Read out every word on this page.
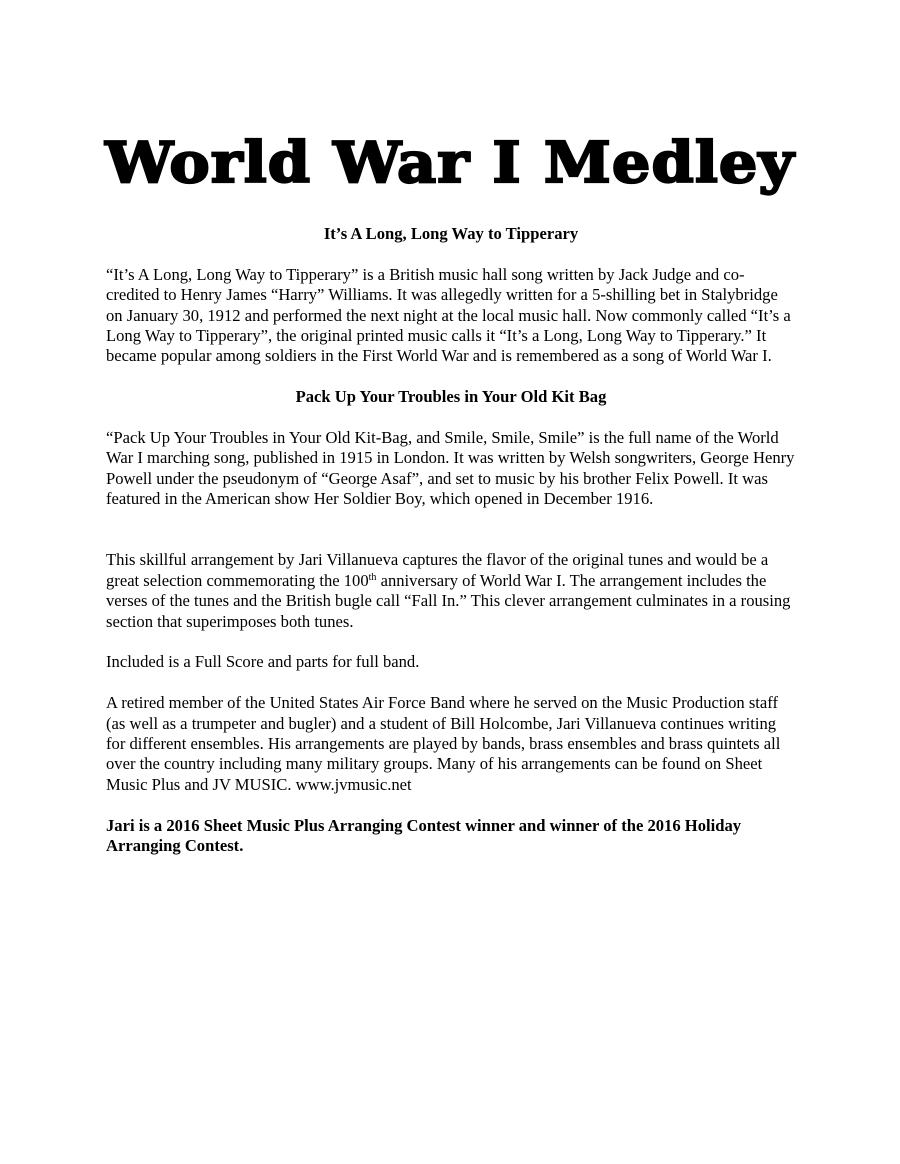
World War I Medley

It’s A Long, Long Way to Tipperary

“It’s A Long, Long Way to Tipperary” is a British music hall song written by Jack Judge and co-credited to Henry James “Harry” Williams. It was allegedly written for a 5-shilling bet in Stalybridge on January 30, 1912 and performed the next night at the local music hall. Now commonly called “It’s a Long Way to Tipperary”, the original printed music calls it “It’s a Long, Long Way to Tipperary.” It became popular among soldiers in the First World War and is remembered as a song of World War I.

Pack Up Your Troubles in Your Old Kit Bag

“Pack Up Your Troubles in Your Old Kit-Bag, and Smile, Smile, Smile” is the full name of the World War I marching song, published in 1915 in London. It was written by Welsh songwriters, George Henry Powell under the pseudonym of “George Asaf”, and set to music by his brother Felix Powell. It was featured in the American show Her Soldier Boy, which opened in December 1916.

This skillful arrangement by Jari Villanueva captures the flavor of the original tunes and would be a great selection commemorating the 100th anniversary of World War I. The arrangement includes the verses of the tunes and the British bugle call “Fall In.” This clever arrangement culminates in a rousing section that superimposes both tunes.

Included is a Full Score and parts for full band.

A retired member of the United States Air Force Band where he served on the Music Production staff (as well as a trumpeter and bugler) and a student of Bill Holcombe, Jari Villanueva continues writing for different ensembles. His arrangements are played by bands, brass ensembles and brass quintets all over the country including many military groups. Many of his arrangements can be found on Sheet Music Plus and JV MUSIC. www.jvmusic.net

Jari is a 2016 Sheet Music Plus Arranging Contest winner and winner of the 2016 Holiday Arranging Contest.
